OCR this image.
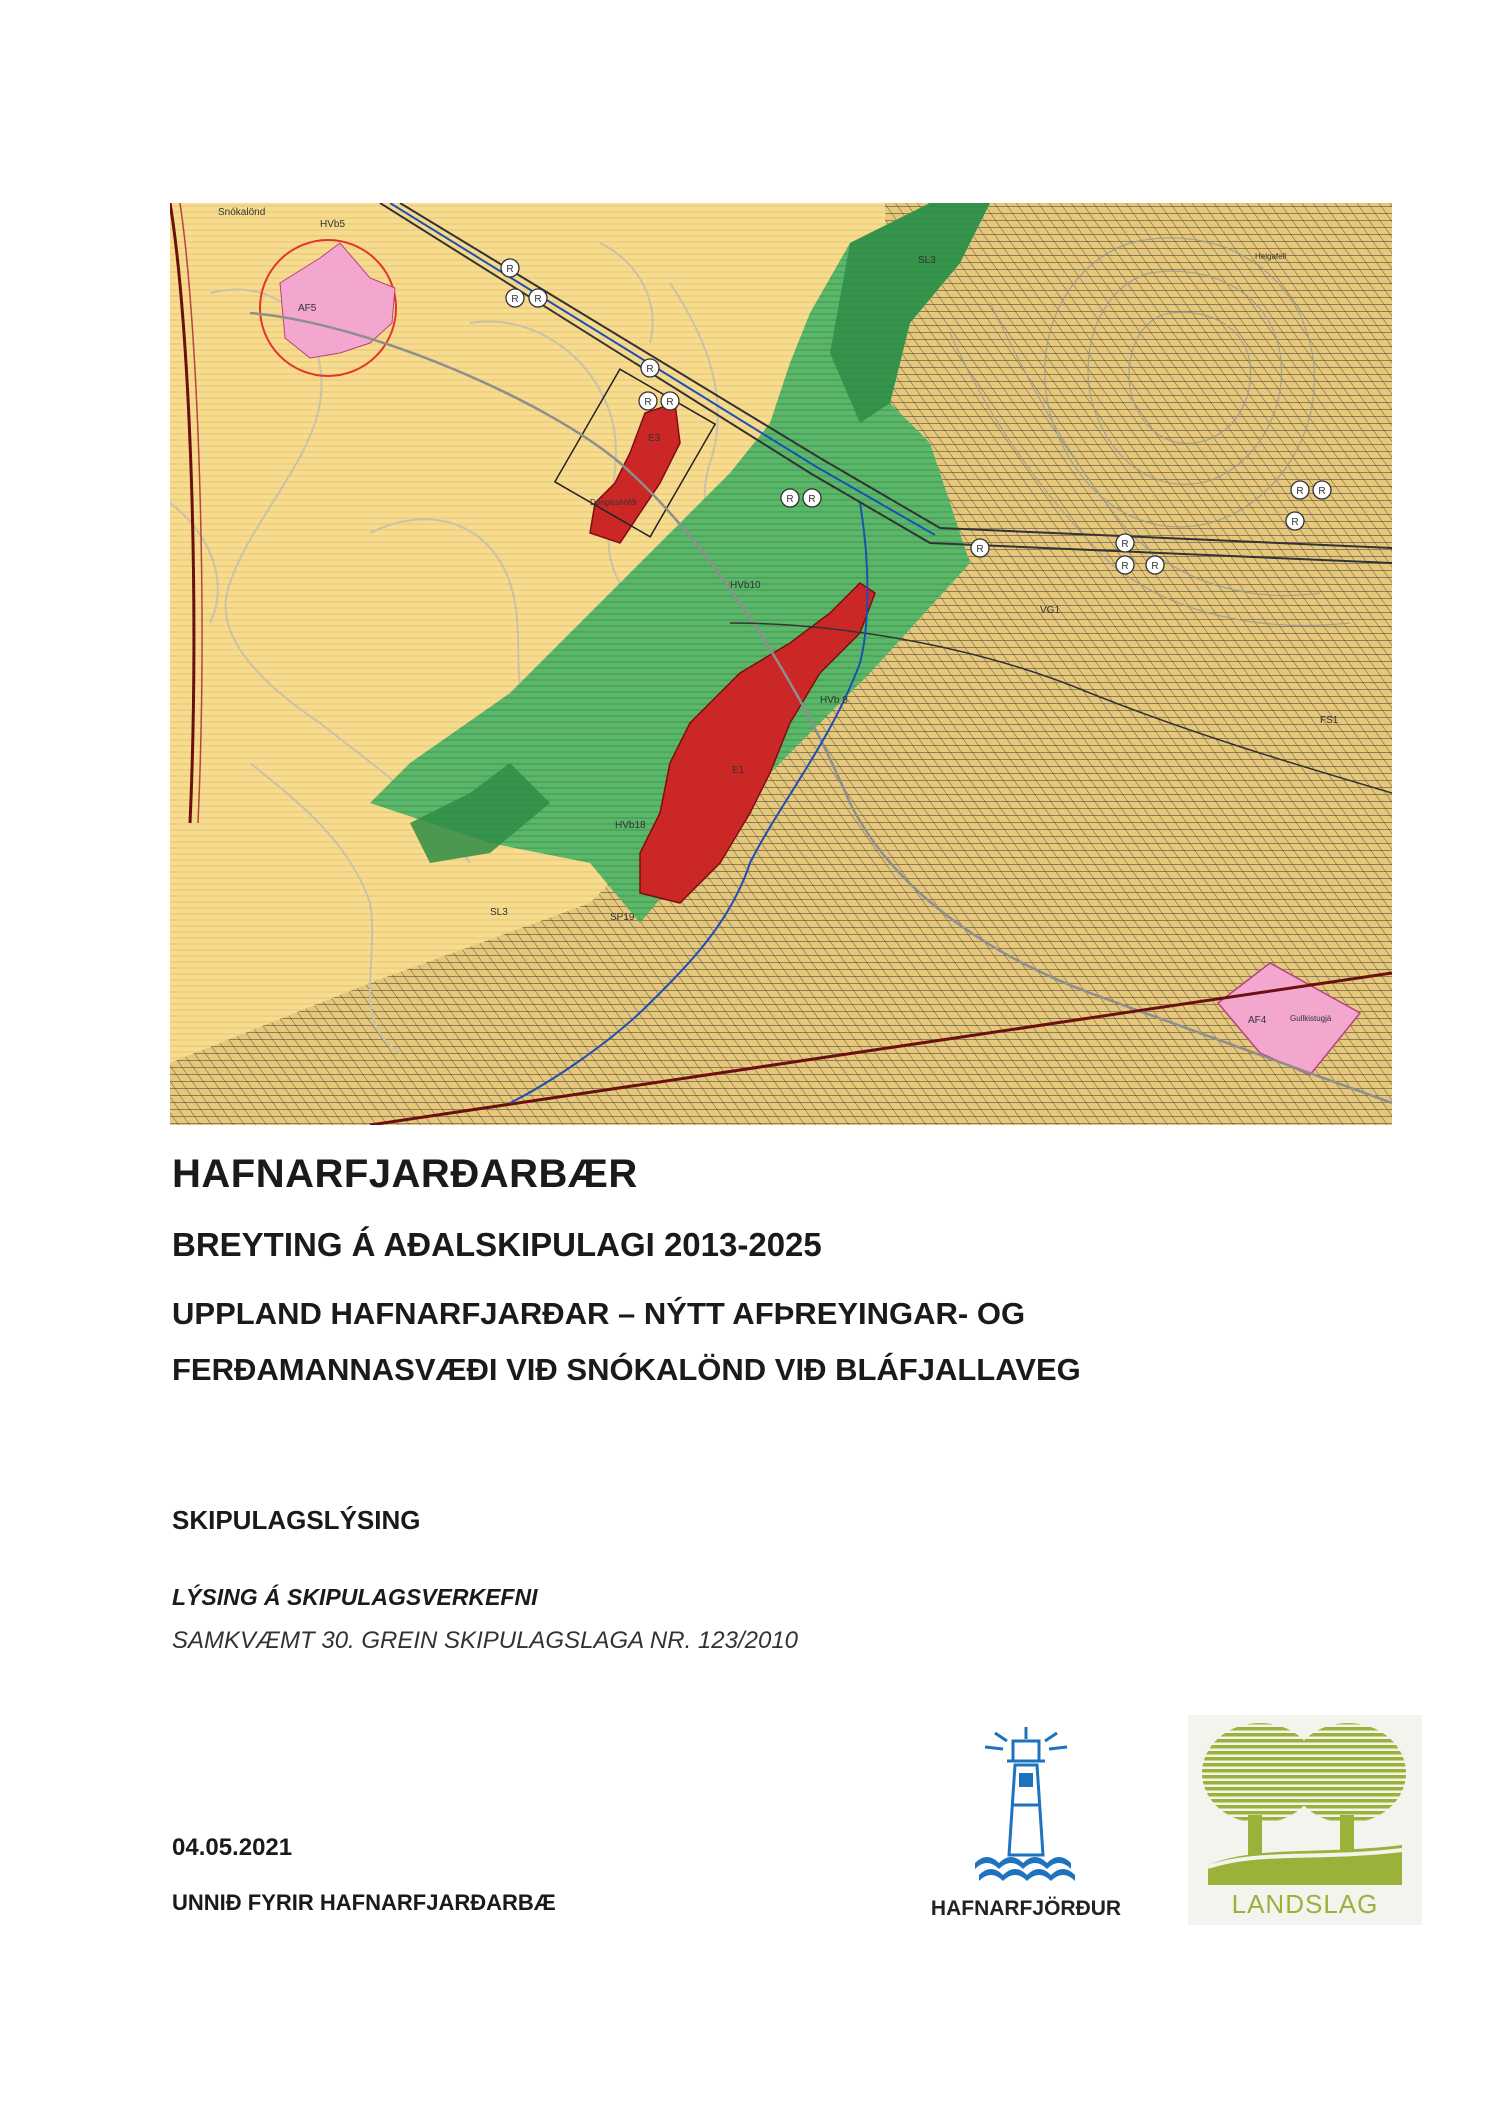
R
R R
R
R R
R R
R	R
R R
R R
R
Snókalönd
HVb5
AF5
E3
Dongleshöfði
HVb10
HVb 8
E1
HVb18
SL3	SP19
SL3
VG1
FS1
AF4	Gullkistugjá
Helgafell
HAFNARFJARÐARBÆR
BREYTING Á AÐALSKIPULAGI 2013-2025
UPPLAND HAFNARFJARÐAR – NÝTT AFÞREYINGAR- OG
FERÐAMANNASVÆÐI VIÐ SNÓKALÖND VIÐ BLÁFJALLAVEG
SKIPULAGSLÝSING
LÝSING Á SKIPULAGSVERKEFNI
SAMKVÆMT 30. GREIN SKIPULAGSLAGA NR. 123/2010
04.05.2021
UNNIÐ FYRIR HAFNARFJARÐARBÆ	HAFNARFJÖRÐUR	LANDSLAG
